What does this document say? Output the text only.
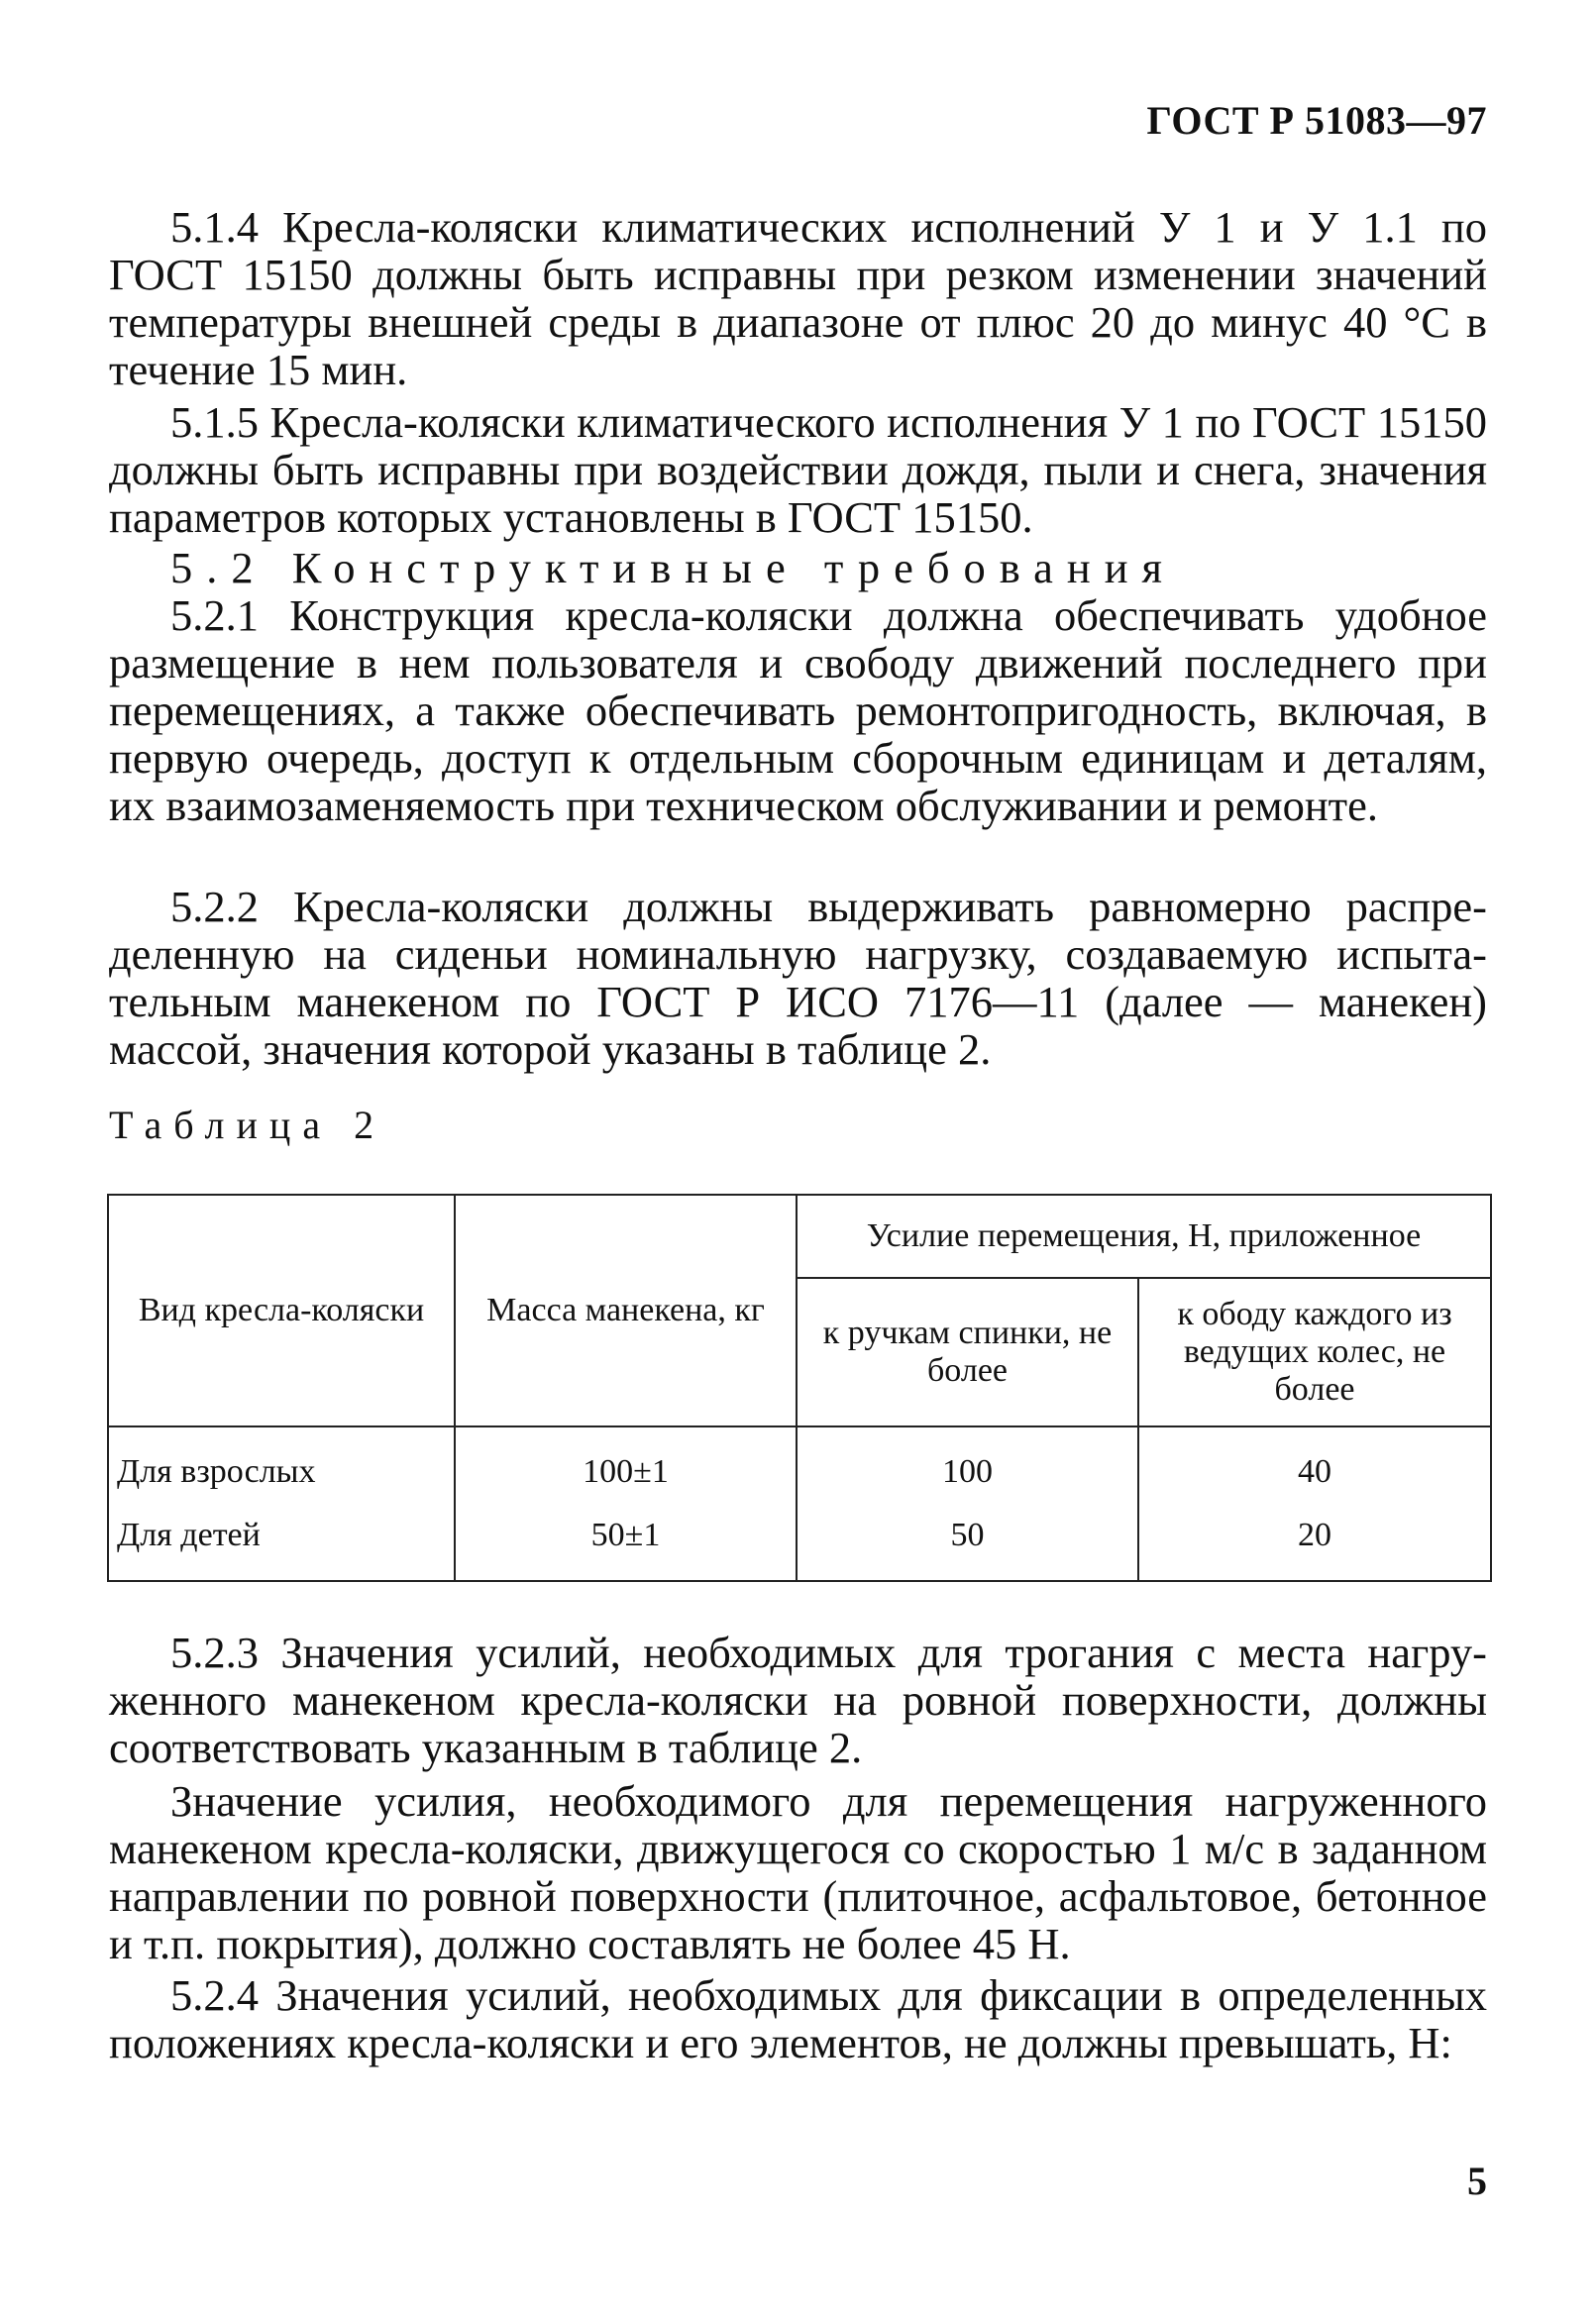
ГОСТ Р 51083—97

5.1.4 Кресла-коляски климатических исполнений У 1 и У 1.1 по ГОСТ 15150 должны быть исправны при резком изменении значений температуры внешней среды в диапазоне от плюс 20 до минус 40 °С в течение 15 мин.

5.1.5 Кресла-коляски климатического исполнения У 1 по ГОСТ 15150 должны быть исправны при воздействии дождя, пыли и снега, значения параметров которых установлены в ГОСТ 15150.

5.2 Конструктивные требования

5.2.1 Конструкция кресла-коляски должна обеспечивать удобное размещение в нем пользователя и свободу движений последнего при перемещениях, а также обеспечивать ремонтопригодность, включая, в первую очередь, доступ к отдельным сборочным единицам и деталям, их взаимозаменяемость при техническом обслуживании и ремонте.

5.2.2 Кресла-коляски должны выдерживать равномерно распределенную на сиденьи номинальную нагрузку, создаваемую испытательным манекеном по ГОСТ Р ИСО 7176—11 (далее — манекен) массой, значения которой указаны в таблице 2.

Таблица 2
Вид кресла-коляски	Масса манекена, кг	Усилие перемещения, Н, приложенное	
		к ручкам спинки, не более	к ободу каждого из ведущих колес, не более
Для взрослых	100±1	100	40
Для детей	50±1	50	20

5.2.3 Значения усилий, необходимых для трогания с места нагруженного манекеном кресла-коляски на ровной поверхности, должны соответствовать указанным в таблице 2.

Значение усилия, необходимого для перемещения нагруженного манекеном кресла-коляски, движущегося со скоростью 1 м/с в заданном направлении по ровной поверхности (плиточное, асфальтовое, бетонное и т.п. покрытия), должно составлять не более 45 Н.

5.2.4 Значения усилий, необходимых для фиксации в определенных положениях кресла-коляски и его элементов, не должны превышать, Н:

5
